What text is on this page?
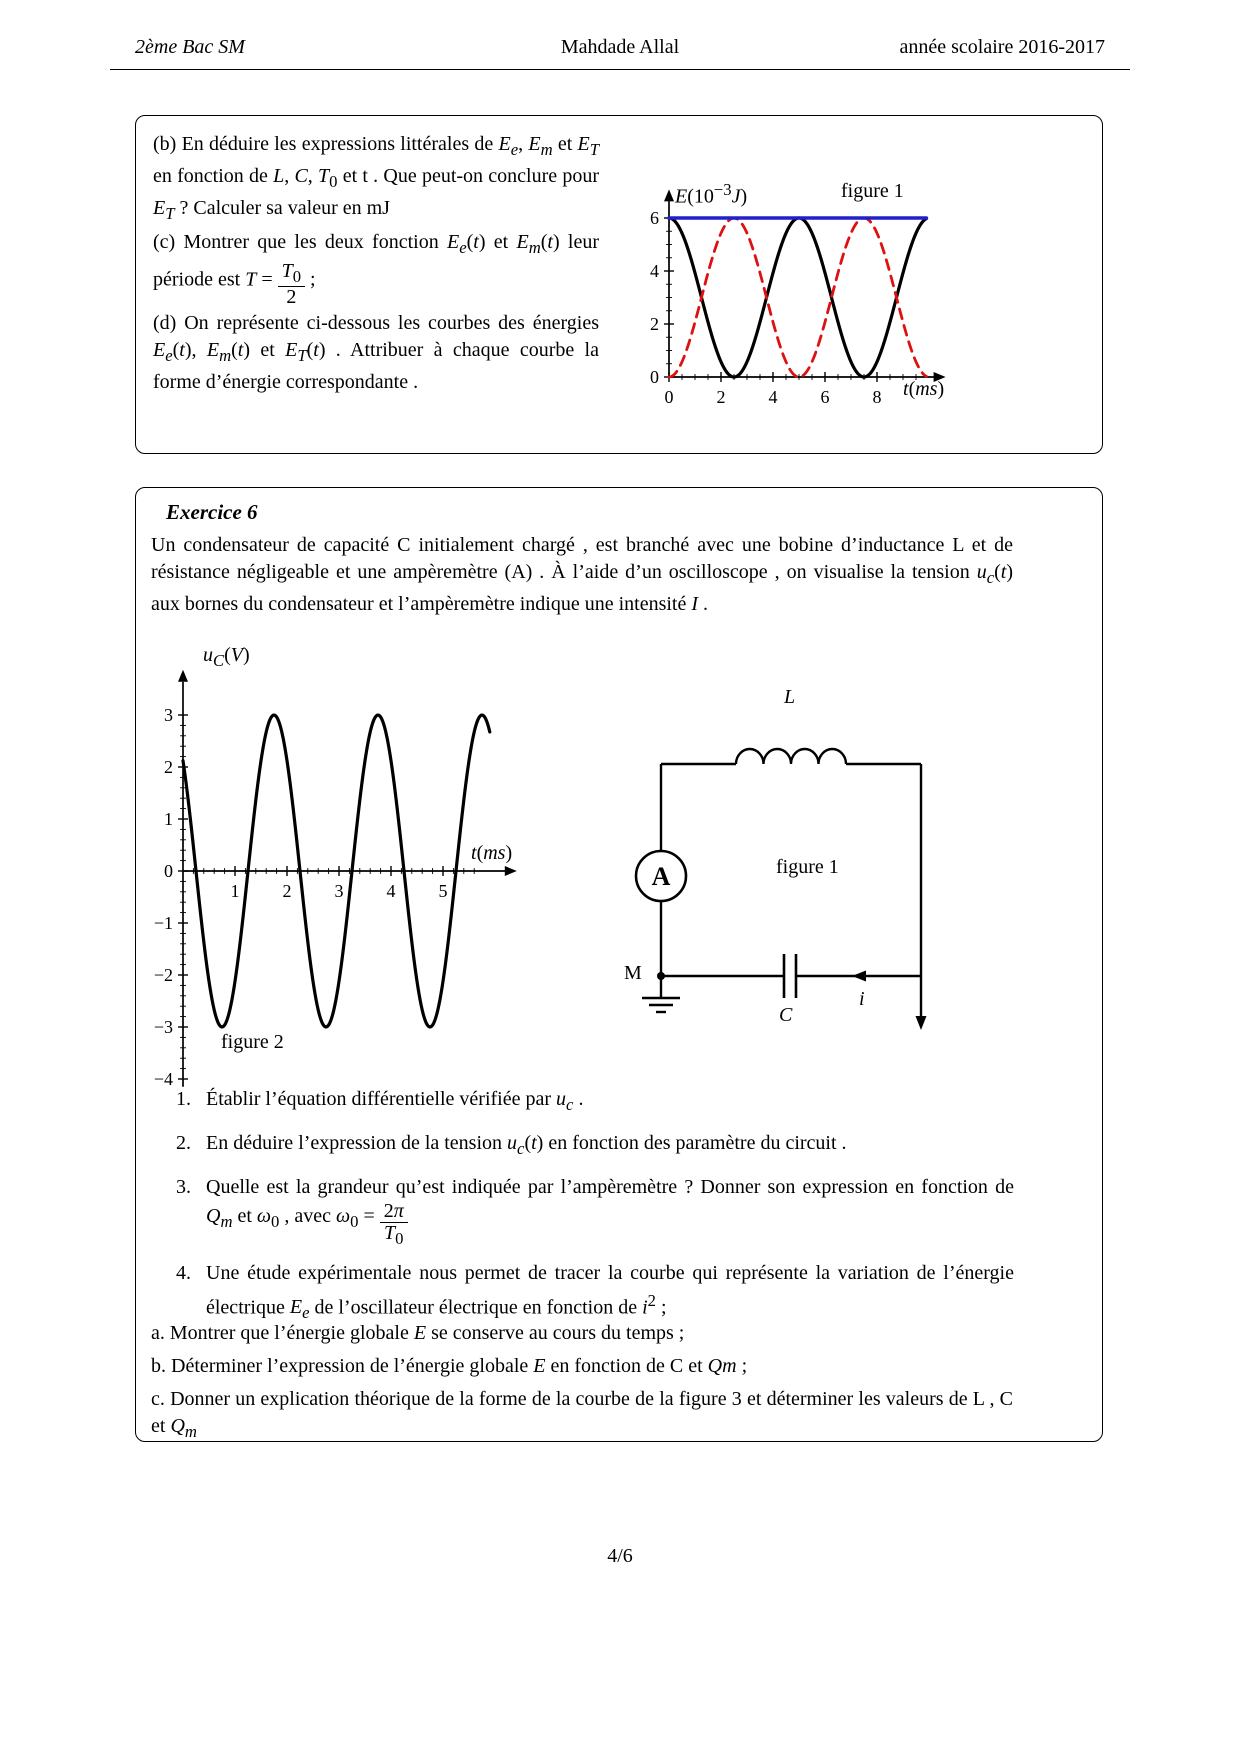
2ème Bac SM	Mahdade Allal	année scolaire 2016-2017

(b) En déduire les expressions littérales de $E_e$, $E_m$ et $E_T$ en fonction de L, C, $T_0$ et t . Que peut-on conclure pour $E_T$ ? Calculer sa valeur en mJ

(c) Montrer que les deux fonction $E_e(t)$ et $E_m(t)$ leur période est $T = \frac{T_0}{2}$ ;

(d) On représente ci-dessous les courbes des énergies $E_e(t)$, $E_m(t)$ et $E_T(t)$ . Attribuer à chaque courbe la forme d’énergie correspondante .

0 2 4 6 8
0
2
4
6
$E(10^{-3}J)$	figure 1
t(ms)
Exercice 6

Un condensateur de capacité C initialement chargé , est branché avec une bobine d’inductance L et de résistance négligeable et une ampèremètre (A) . À l’aide d’un oscilloscope , on visualise la tension $u_c(t)$ aux bornes du condensateur et l’ampèremètre indique une intensité I .

1 2 3 4 5
3
2
1
0
−1
−2
−3
−4
$u_C(V)$
t(ms)
figure 2
A
L
figure 1
M
C
i
1. Établir l’équation différentielle vérifiée par $u_c$ .

2. En déduire l’expression de la tension $u_c(t)$ en fonction des paramètre du circuit .

3. Quelle est la grandeur qu’est indiquée par l’ampèremètre ? Donner son expression en fonction de $Q_m$ et $\omega_0$ , avec $\omega_0 = \frac{2\pi}{T_0}$

4. Une étude expérimentale nous permet de tracer la courbe qui représente la variation de l’énergie électrique $E_e$ de l’oscillateur électrique en fonction de $i^2$ ;

a. Montrer que l’énergie globale E se conserve au cours du temps ;

b. Déterminer l’expression de l’énergie globale E en fonction de C et Qm ;

c. Donner un explication théorique de la forme de la courbe de la figure 3 et déterminer les valeurs de L , C et $Q_m$

4/6
